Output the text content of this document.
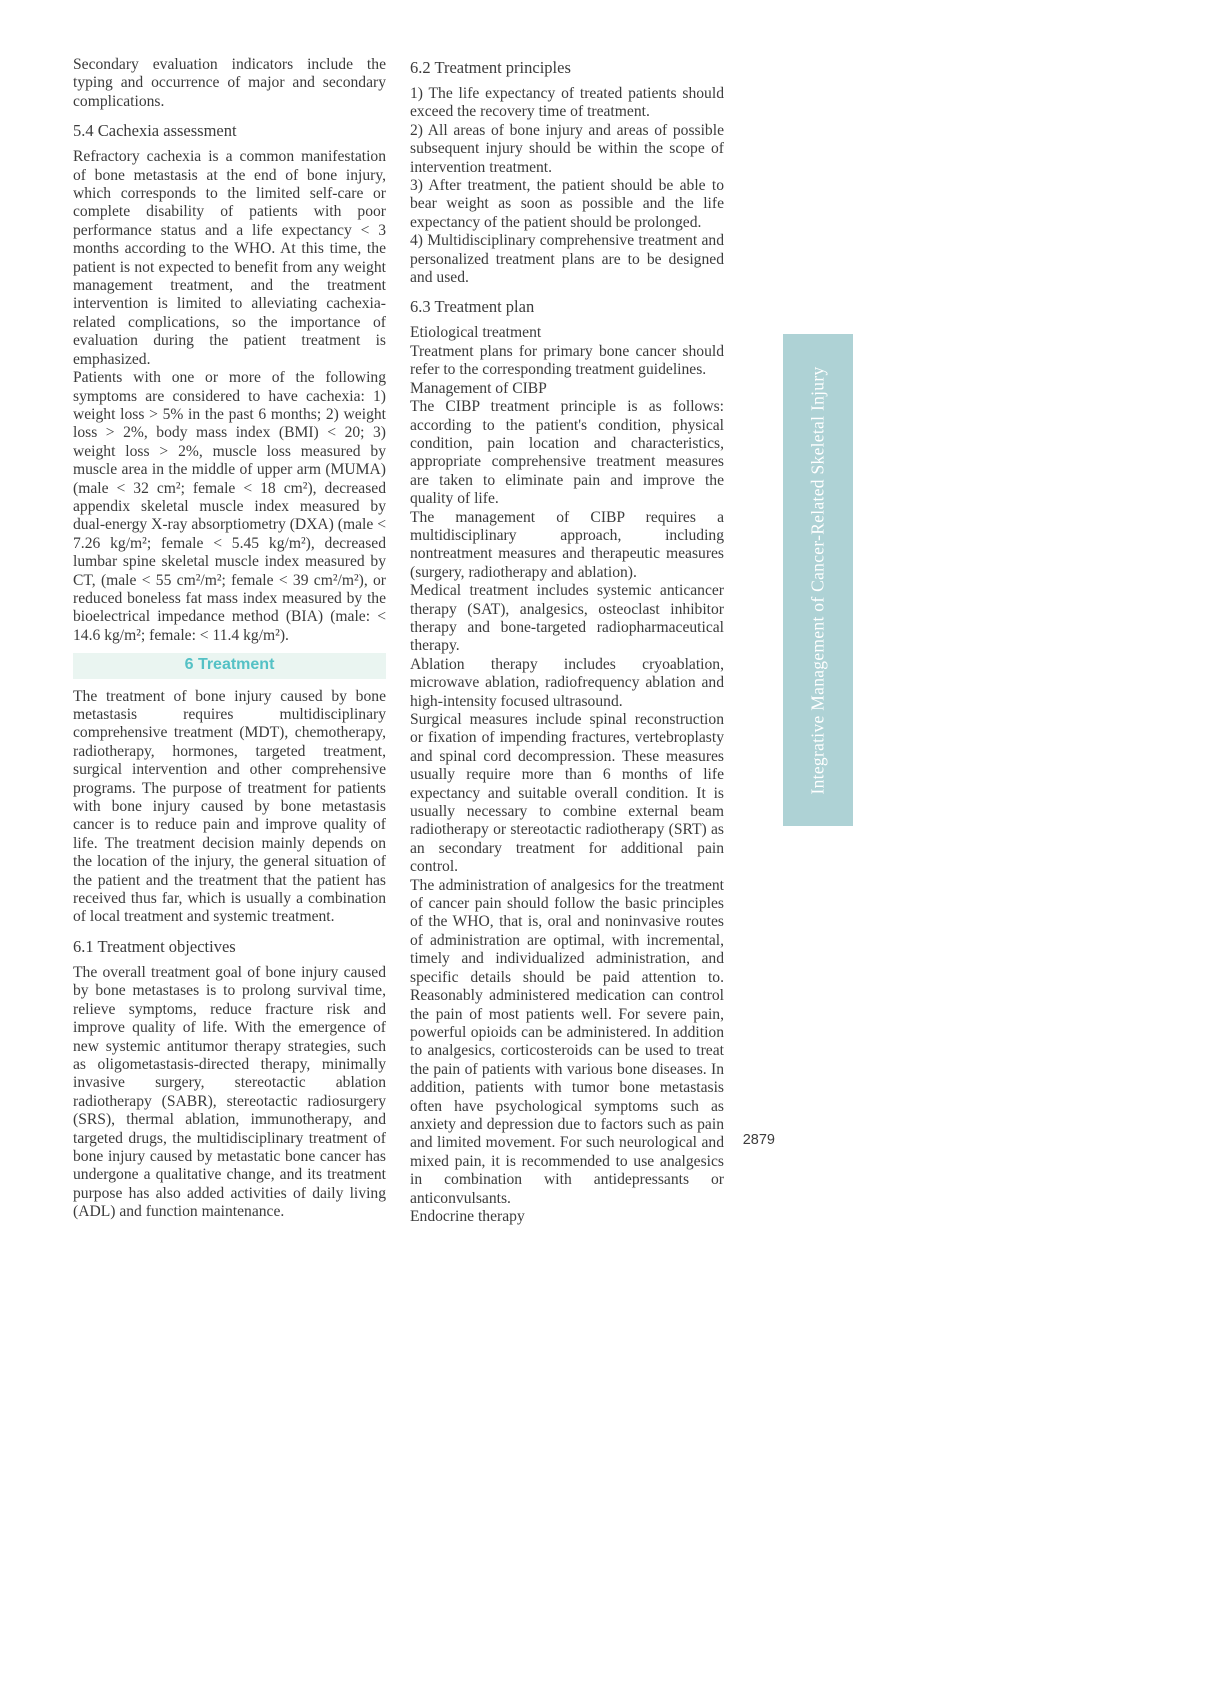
Secondary evaluation indicators include the typing and occurrence of major and secondary complications.

5.4 Cachexia assessment

Refractory cachexia is a common manifestation of bone metastasis at the end of bone injury, which corresponds to the limited self-care or complete disability of patients with poor performance status and a life expectancy < 3 months according to the WHO. At this time, the patient is not expected to benefit from any weight management treatment, and the treatment intervention is limited to alleviating cachexia-related complications, so the importance of evaluation during the patient treatment is emphasized.

Patients with one or more of the following symptoms are considered to have cachexia: 1) weight loss > 5% in the past 6 months; 2) weight loss > 2%, body mass index (BMI) < 20; 3) weight loss > 2%, muscle loss measured by muscle area in the middle of upper arm (MUMA) (male < 32 cm²; female < 18 cm²), decreased appendix skeletal muscle index measured by dual-energy X-ray absorptiometry (DXA) (male < 7.26 kg/m²; female < 5.45 kg/m²), decreased lumbar spine skeletal muscle index measured by CT, (male < 55 cm²/m²; female < 39 cm²/m²), or reduced boneless fat mass index measured by the bioelectrical impedance method (BIA) (male: < 14.6 kg/m²; female: < 11.4 kg/m²).

6 Treatment

The treatment of bone injury caused by bone metastasis requires multidisciplinary comprehensive treatment (MDT), chemotherapy, radiotherapy, hormones, targeted treatment, surgical intervention and other comprehensive programs. The purpose of treatment for patients with bone injury caused by bone metastasis cancer is to reduce pain and improve quality of life. The treatment decision mainly depends on the location of the injury, the general situation of the patient and the treatment that the patient has received thus far, which is usually a combination of local treatment and systemic treatment.

6.1 Treatment objectives

The overall treatment goal of bone injury caused by bone metastases is to prolong survival time, relieve symptoms, reduce fracture risk and improve quality of life. With the emergence of new systemic antitumor therapy strategies, such as oligometastasis-directed therapy, minimally invasive surgery, stereotactic ablation radiotherapy (SABR), stereotactic radiosurgery (SRS), thermal ablation, immunotherapy, and targeted drugs, the multidisciplinary treatment of bone injury caused by metastatic bone cancer has undergone a qualitative change, and its treatment purpose has also added activities of daily living (ADL) and function maintenance.

6.2 Treatment principles

1) The life expectancy of treated patients should exceed the recovery time of treatment.

2) All areas of bone injury and areas of possible subsequent injury should be within the scope of intervention treatment.

3) After treatment, the patient should be able to bear weight as soon as possible and the life expectancy of the patient should be prolonged.

4) Multidisciplinary comprehensive treatment and personalized treatment plans are to be designed and used.

6.3 Treatment plan

Etiological treatment

Treatment plans for primary bone cancer should refer to the corresponding treatment guidelines.

Management of CIBP

The CIBP treatment principle is as follows: according to the patient's condition, physical condition, pain location and characteristics, appropriate comprehensive treatment measures are taken to eliminate pain and improve the quality of life.

The management of CIBP requires a multidisciplinary approach, including nontreatment measures and therapeutic measures (surgery, radiotherapy and ablation).

Medical treatment includes systemic anticancer therapy (SAT), analgesics, osteoclast inhibitor therapy and bone-targeted radiopharmaceutical therapy.

Ablation therapy includes cryoablation, microwave ablation, radiofrequency ablation and high-intensity focused ultrasound.

Surgical measures include spinal reconstruction or fixation of impending fractures, vertebroplasty and spinal cord decompression. These measures usually require more than 6 months of life expectancy and suitable overall condition. It is usually necessary to combine external beam radiotherapy or stereotactic radiotherapy (SRT) as an secondary treatment for additional pain control.

The administration of analgesics for the treatment of cancer pain should follow the basic principles of the WHO, that is, oral and noninvasive routes of administration are optimal, with incremental, timely and individualized administration, and specific details should be paid attention to. Reasonably administered medication can control the pain of most patients well. For severe pain, powerful opioids can be administered. In addition to analgesics, corticosteroids can be used to treat the pain of patients with various bone diseases. In addition, patients with tumor bone metastasis often have psychological symptoms such as anxiety and depression due to factors such as pain and limited movement. For such neurological and mixed pain, it is recommended to use analgesics in combination with antidepressants or anticonvulsants.

Endocrine therapy

Integrative Management of Cancer-Related Skeletal Injury
2879
